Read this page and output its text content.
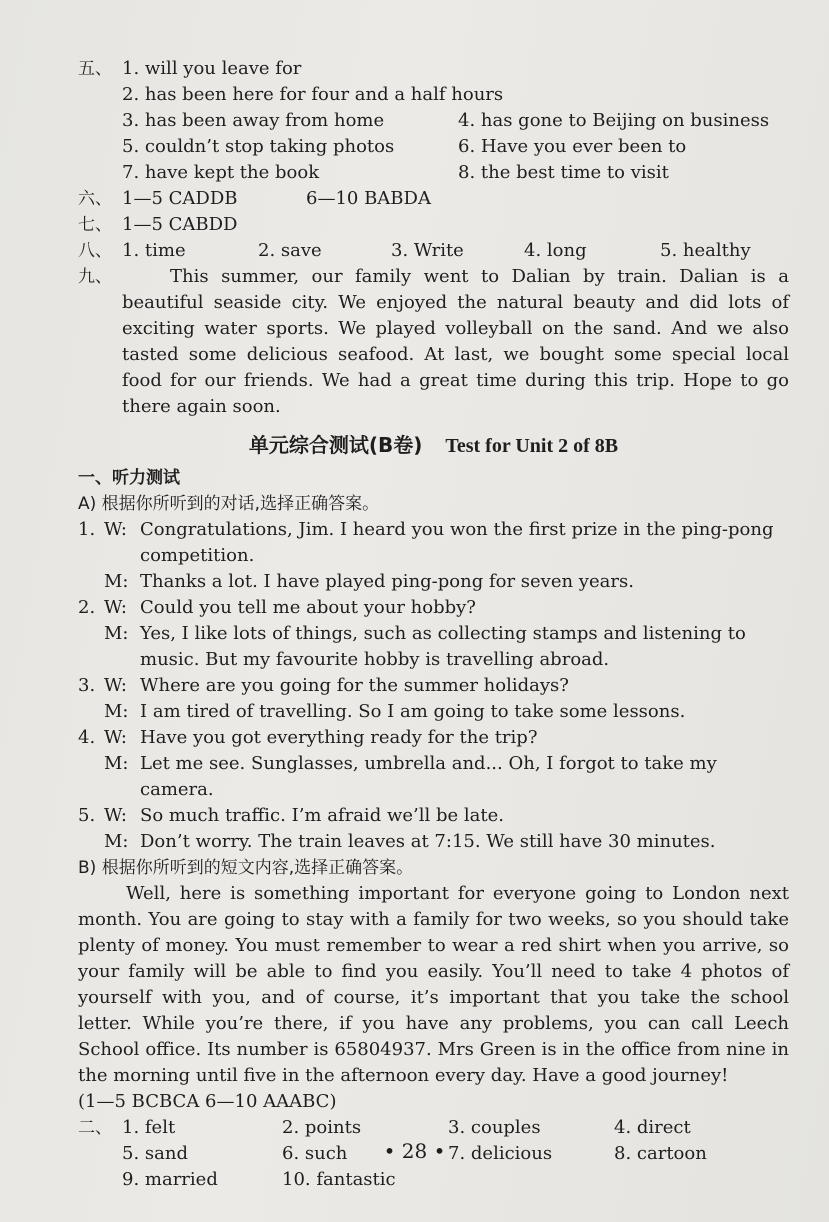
五、 1. will you leave for
2. has been here for four and a half hours
3. has been away from home	4. has gone to Beijing on business
5. couldn’t stop taking photos	6. Have you ever been to
7. have kept the book	8. the best time to visit
六、 1—5 CADDB	6—10 BABDA
七、 1—5 CABDD
八、 1. time	2. save	3. Write	4. long	5. healthy
九、	This summer, our family went to Dalian by train. Dalian is a beautiful seaside city. We enjoyed the natural beauty and did lots of exciting water sports. We played volleyball on the sand. And we also tasted some delicious seafood. At last, we bought some special local food for our friends. We had a great time during this trip. Hope to go there again soon.

单元综合测试(B卷) Test for Unit 2 of 8B
一、听力测试
A) 根据你所听到的对话,选择正确答案。
1. W: Congratulations, Jim. I heard you won the first prize in the ping-pong competition.
M: Thanks a lot. I have played ping-pong for seven years.
2. W: Could you tell me about your hobby?
M: Yes, I like lots of things, such as collecting stamps and listening to music. But my favourite hobby is travelling abroad.
3. W: Where are you going for the summer holidays?
M: I am tired of travelling. So I am going to take some lessons.
4. W: Have you got everything ready for the trip?
M: Let me see. Sunglasses, umbrella and... Oh, I forgot to take my camera.
5. W: So much traffic. I’m afraid we’ll be late.
M: Don’t worry. The train leaves at 7:15. We still have 30 minutes.
B) 根据你所听到的短文内容,选择正确答案。

Well, here is something important for everyone going to London next month. You are going to stay with a family for two weeks, so you should take plenty of money. You must remember to wear a red shirt when you arrive, so your family will be able to find you easily. You’ll need to take 4 photos of yourself with you, and of course, it’s important that you take the school letter. While you’re there, if you have any problems, you can call Leech School office. Its number is 65804937. Mrs Green is in the office from nine in the morning until five in the afternoon every day. Have a good journey!

(1—5 BCBCA 6—10 AAABC)
二、 1. felt	2. points	3. couples	4. direct
5. sand	6. such	7. delicious	8. cartoon
9. married	10. fantastic
• 28 •
